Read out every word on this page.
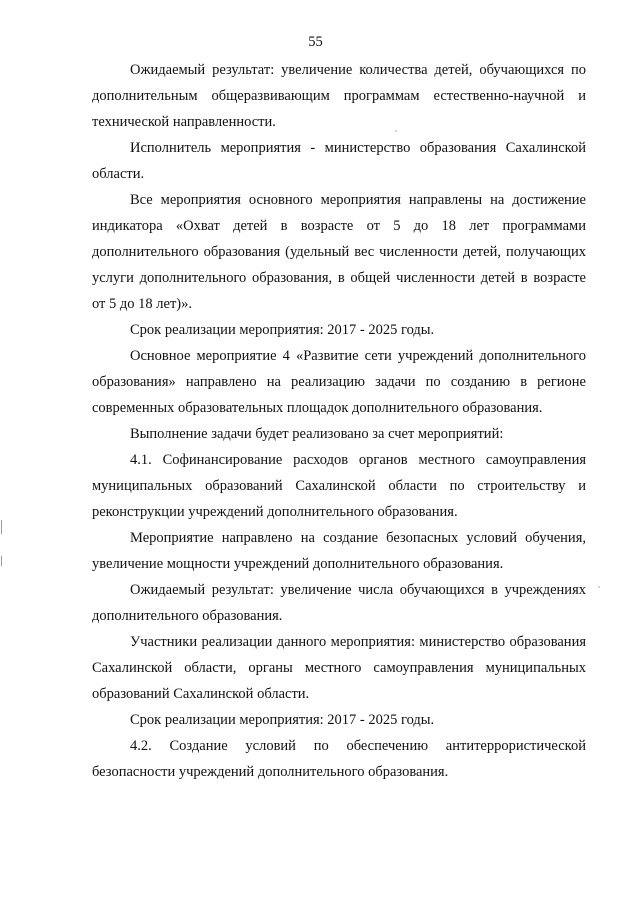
55

Ожидаемый результат: увеличение количества детей, обучающихся по дополнительным общеразвивающим программам естественно-научной и технической направленности.

Исполнитель мероприятия - министерство образования Сахалинской области.

Все мероприятия основного мероприятия направлены на достижение индикатора «Охват детей в возрасте от 5 до 18 лет программами дополнительного образования (удельный вес численности детей, получающих услуги дополнительного образования, в общей численности детей в возрасте от 5 до 18 лет)».

Срок реализации мероприятия: 2017 - 2025 годы.

Основное мероприятие 4 «Развитие сети учреждений дополнительного образования» направлено на реализацию задачи по созданию в регионе современных образовательных площадок дополнительного образования.

Выполнение задачи будет реализовано за счет мероприятий:

4.1. Софинансирование расходов органов местного самоуправления муниципальных образований Сахалинской области по строительству и реконструкции учреждений дополнительного образования.

Мероприятие направлено на создание безопасных условий обучения, увеличение мощности учреждений дополнительного образования.

Ожидаемый результат: увеличение числа обучающихся в учреждениях дополнительного образования.

Участники реализации данного мероприятия: министерство образования Сахалинской области, органы местного самоуправления муниципальных образований Сахалинской области.

Срок реализации мероприятия: 2017 - 2025 годы.

4.2. Создание условий по обеспечению антитеррористической безопасности учреждений дополнительного образования.
